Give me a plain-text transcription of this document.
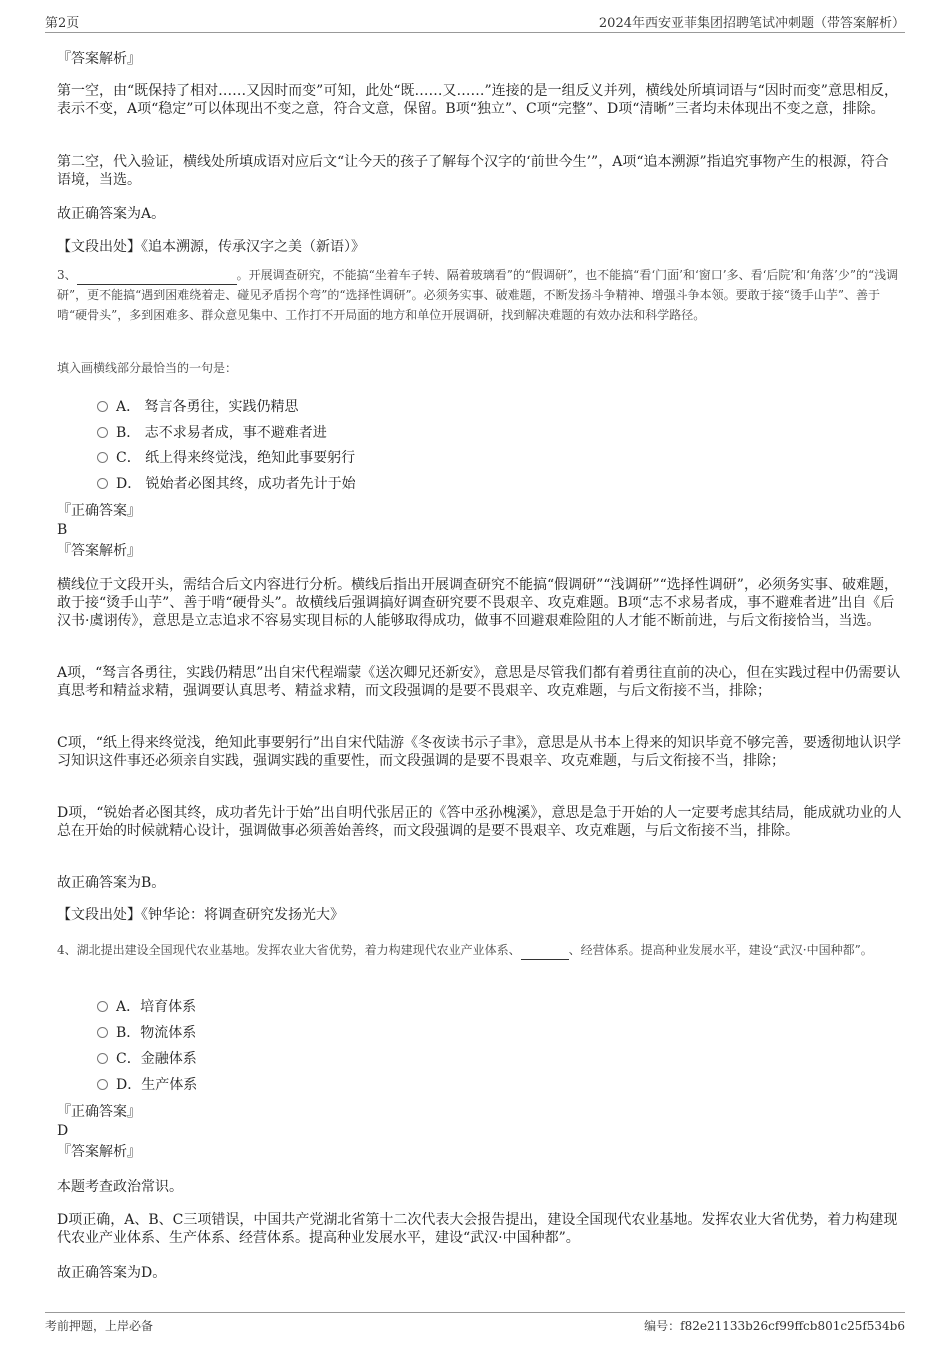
第2页	2024年西安亚菲集团招聘笔试冲刺题（带答案解析）

『答案解析』

第一空，由“既保持了相对……又因时而变”可知，此处“既……又……”连接的是一组反义并列，横线处所填词语与“因时而变”意思相反，表示不变，A项“稳定”可以体现出不变之意，符合文意，保留。B项“独立”、C项“完整”、D项“清晰”三者均未体现出不变之意，排除。

第二空，代入验证，横线处所填成语对应后文“让今天的孩子了解每个汉字的‘前世今生’”，A项“追本溯源”指追究事物产生的根源，符合语境，当选。

故正确答案为A。

【文段出处】《追本溯源，传承汉字之美（新语）》

3、	。开展调查研究，不能搞“坐着车子转、隔着玻璃看”的“假调研”，也不能搞“看‘门面’和‘窗口’多、看‘后院’和‘角落’少”的“浅调研”，更不能搞“遇到困难绕着走、碰见矛盾拐个弯”的“选择性调研”。必须务实事、破难题，不断发扬斗争精神、增强斗争本领。要敢于接“烫手山芋”、善于啃“硬骨头”，多到困难多、群众意见集中、工作打不开局面的地方和单位开展调研，找到解决难题的有效办法和科学路径。

填入画横线部分最恰当的一句是：

A． 驽言各勇往，实践仍精思
B． 志不求易者成，事不避难者进
C． 纸上得来终觉浅，绝知此事要躬行
D． 锐始者必图其终，成功者先计于始

『正确答案』

B

『答案解析』

横线位于文段开头，需结合后文内容进行分析。横线后指出开展调查研究不能搞“假调研”“浅调研”“选择性调研”，必须务实事、破难题，敢于接“烫手山芋”、善于啃“硬骨头”。故横线后强调搞好调查研究要不畏艰辛、攻克难题。B项“志不求易者成，事不避难者进”出自《后汉书·虞诩传》，意思是立志追求不容易实现目标的人能够取得成功，做事不回避艰难险阻的人才能不断前进，与后文衔接恰当，当选。

A项，“驽言各勇往，实践仍精思”出自宋代程端蒙《送次卿兄还新安》，意思是尽管我们都有着勇往直前的决心，但在实践过程中仍需要认真思考和精益求精，强调要认真思考、精益求精，而文段强调的是要不畏艰辛、攻克难题，与后文衔接不当，排除；

C项，“纸上得来终觉浅，绝知此事要躬行”出自宋代陆游《冬夜读书示子聿》，意思是从书本上得来的知识毕竟不够完善，要透彻地认识学习知识这件事还必须亲自实践，强调实践的重要性，而文段强调的是要不畏艰辛、攻克难题，与后文衔接不当，排除；

D项，“锐始者必图其终，成功者先计于始”出自明代张居正的《答中丞孙槐溪》，意思是急于开始的人一定要考虑其结局，能成就功业的人总在开始的时候就精心设计，强调做事必须善始善终，而文段强调的是要不畏艰辛、攻克难题，与后文衔接不当，排除。

故正确答案为B。

【文段出处】《钟华论：将调查研究发扬光大》

4、湖北提出建设全国现代农业基地。发挥农业大省优势，着力构建现代农业产业体系、	、经营体系。提高种业发展水平，建设“武汉·中国种都”。

A．培育体系
B．物流体系
C．金融体系
D．生产体系

『正确答案』

D

『答案解析』

本题考查政治常识。

D项正确，A、B、C三项错误，中国共产党湖北省第十二次代表大会报告提出，建设全国现代农业基地。发挥农业大省优势，着力构建现代农业产业体系、生产体系、经营体系。提高种业发展水平，建设“武汉·中国种都”。

故正确答案为D。

考前押题，上岸必备	编号：f82e21133b26cf99ffcb801c25f534b6
